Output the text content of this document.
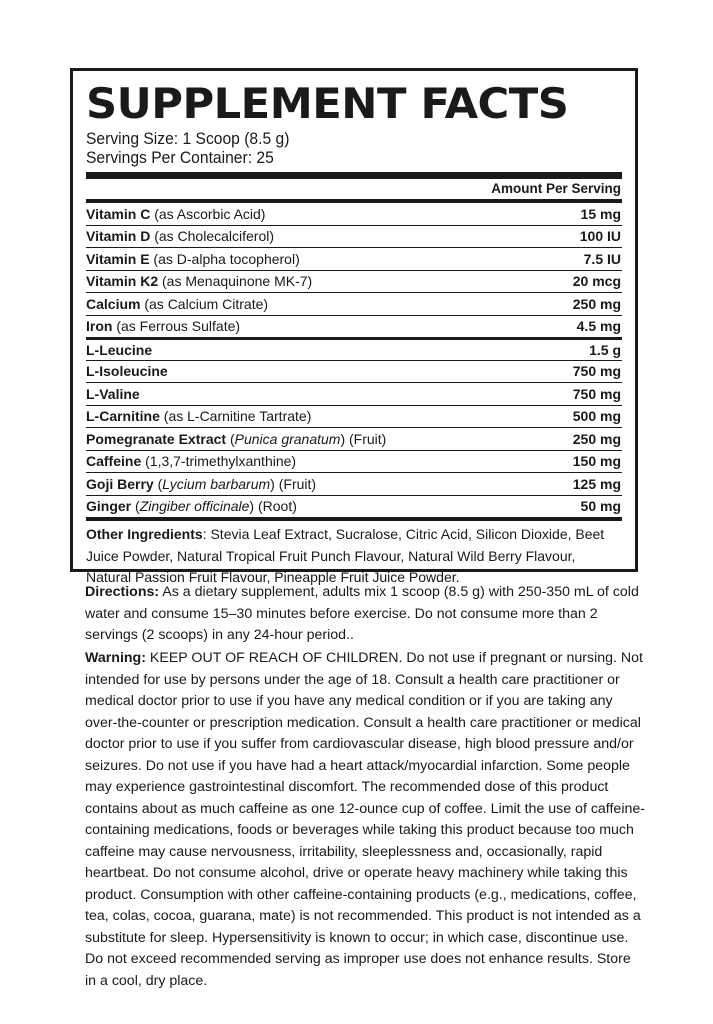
SUPPLEMENT FACTS
Serving Size: 1 Scoop (8.5 g)
Servings Per Container: 25
Amount Per Serving
Vitamin C (as Ascorbic Acid)	15 mg
Vitamin D (as Cholecalciferol)	100 IU
Vitamin E (as D-alpha tocopherol)	7.5 IU
Vitamin K2 (as Menaquinone MK-7)	20 mcg
Calcium (as Calcium Citrate)	250 mg
Iron (as Ferrous Sulfate)	4.5 mg
L-Leucine	1.5 g
L-Isoleucine	750 mg
L-Valine	750 mg
L-Carnitine (as L-Carnitine Tartrate)	500 mg
Pomegranate Extract (Punica granatum) (Fruit)	250 mg
Caffeine (1,3,7-trimethylxanthine)	150 mg
Goji Berry (Lycium barbarum) (Fruit)	125 mg
Ginger (Zingiber officinale) (Root)	50 mg
Other Ingredients: Stevia Leaf Extract, Sucralose, Citric Acid, Silicon Dioxide, Beet Juice Powder, Natural Tropical Fruit Punch Flavour, Natural Wild Berry Flavour, Natural Passion Fruit Flavour, Pineapple Fruit Juice Powder.
Directions: As a dietary supplement, adults mix 1 scoop (8.5 g) with 250-350 mL of cold water and consume 15–30 minutes before exercise. Do not consume more than 2 servings (2 scoops) in any 24-hour period..
Warning: KEEP OUT OF REACH OF CHILDREN. Do not use if pregnant or nursing. Not intended for use by persons under the age of 18. Consult a health care practitioner or medical doctor prior to use if you have any medical condition or if you are taking any over-the-counter or prescription medication. Consult a health care practitioner or medical doctor prior to use if you suffer from cardiovascular disease, high blood pressure and/or seizures. Do not use if you have had a heart attack/myocardial infarction. Some people may experience gastrointestinal discomfort. The recommended dose of this product contains about as much caffeine as one 12-ounce cup of coffee. Limit the use of caffeine-containing medications, foods or beverages while taking this product because too much caffeine may cause nervousness, irritability, sleeplessness and, occasionally, rapid heartbeat. Do not consume alcohol, drive or operate heavy machinery while taking this product. Consumption with other caffeine-containing products (e.g., medications, coffee, tea, colas, cocoa, guarana, mate) is not recommended. This product is not intended as a substitute for sleep. Hypersensitivity is known to occur; in which case, discontinue use. Do not exceed recommended serving as improper use does not enhance results. Store in a cool, dry place.
